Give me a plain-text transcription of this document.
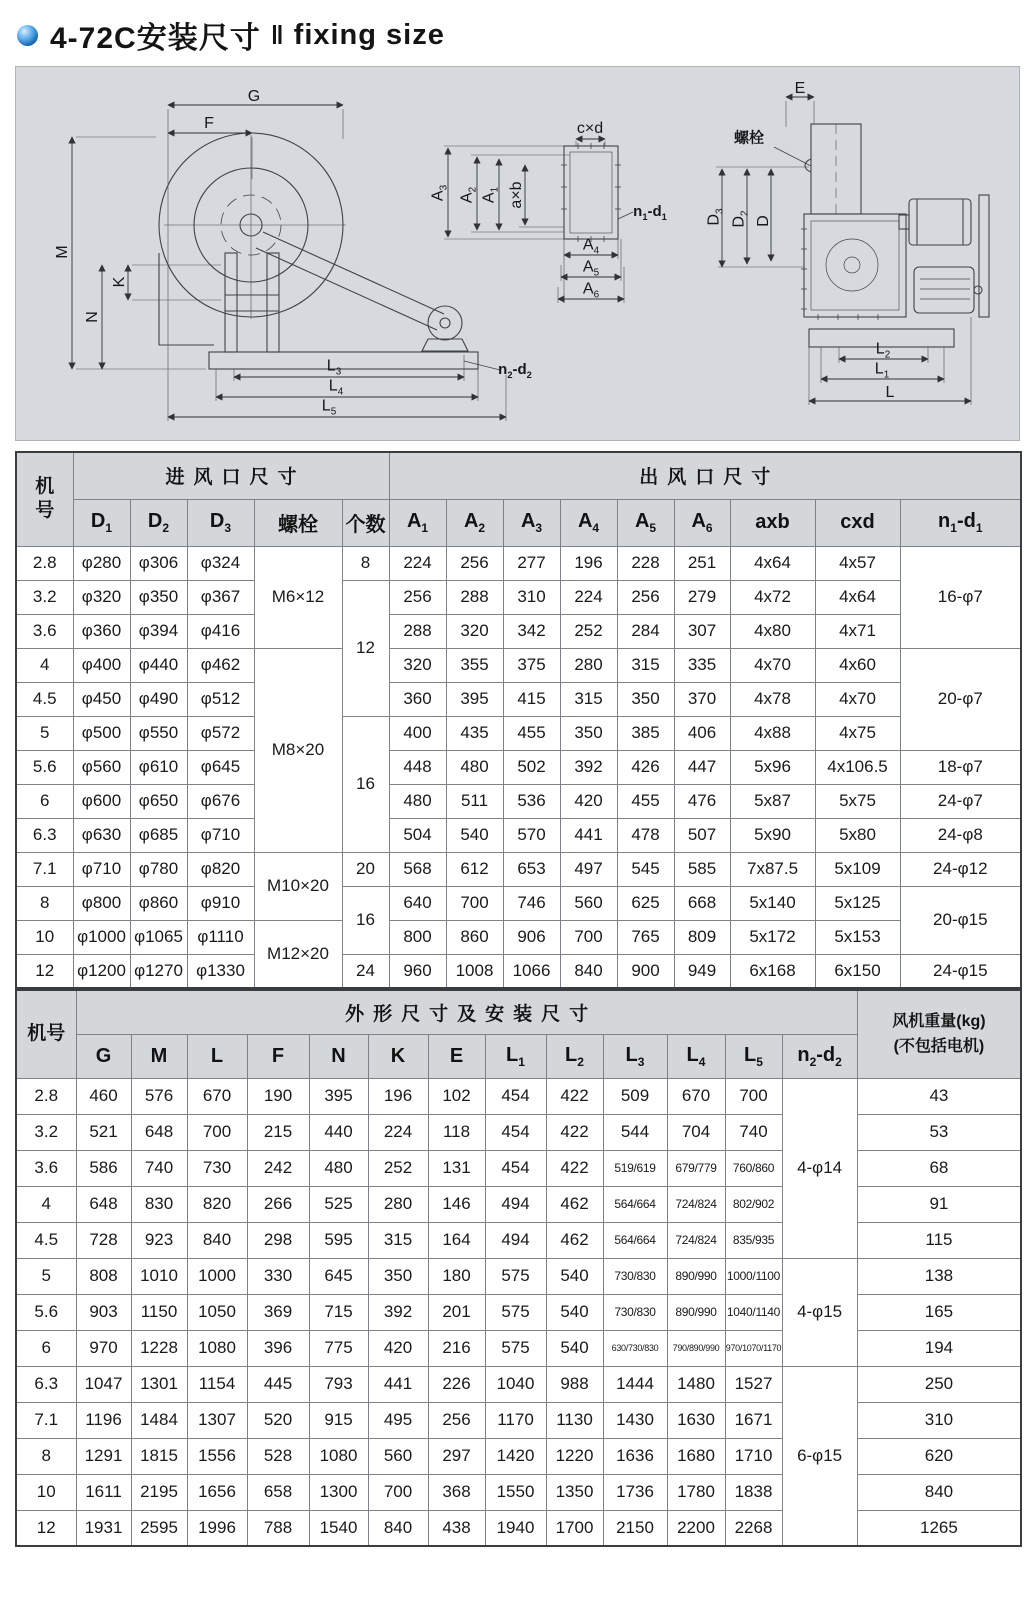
4-72C安装尺寸 ‖ fixing size
G
F
M
K
N
$L_3$
$L_4$
$L_5$
$n_2-d_2$
c×d
$A_3$
$A_2$
$A_1$ a×b
$n_1-d_1$
$A_4$
$A_5$
$A_6$
E
螺栓
$D_3$
$D_2$
D
$L_2$
$L_1$
L
机
号	进风口尺寸					出风口尺寸								
	$D_1$	$D_2$	$D_3$	螺栓	个数	$A_1$	$A_2$	$A_3$	$A_4$	$A_5$	$A_6$	axb	cxd	$n_1-d_1$
2.8	φ280	φ306	φ324	M6×12	8	224	256	277	196	228	251	4x64	4x57	16-φ7
3.2	φ320	φ350	φ367		12	256	288	310	224	256	279	4x72	4x64	
3.6	φ360	φ394	φ416			288	320	342	252	284	307	4x80	4x71	
4	φ400	φ440	φ462	M8×20		320	355	375	280	315	335	4x70	4x60	20-φ7
4.5	φ450	φ490	φ512			360	395	415	315	350	370	4x78	4x70	
5	φ500	φ550	φ572		16	400	435	455	350	385	406	4x88	4x75	
5.6	φ560	φ610	φ645			448	480	502	392	426	447	5x96	4x106.5	18-φ7
6	φ600	φ650	φ676			480	511	536	420	455	476	5x87	5x75	24-φ7
6.3	φ630	φ685	φ710			504	540	570	441	478	507	5x90	5x80	24-φ8
7.1	φ710	φ780	φ820	M10×20	20	568	612	653	497	545	585	7x87.5	5x109	24-φ12
8	φ800	φ860	φ910		16	640	700	746	560	625	668	5x140	5x125	20-φ15
10	φ1000	φ1065	φ1110	M12×20		800	860	906	700	765	809	5x172	5x153	
12	φ1200	φ1270	φ1330		24	960	1008	1066	840	900	949	6x168	6x150	24-φ15
机号	外形尺寸及安装尺寸													风机重量(kg)
(不包括电机)
	G	M	L	F	N	K	E	$L_1$	$L_2$	$L_3$	$L_4$	$L_5$	$n_2-d_2$
2.8	460	576	670	190	395	196	102	454	422	509	670	700	4-φ14	43
3.2	521	648	700	215	440	224	118	454	422	544	704	740		53
3.6	586	740	730	242	480	252	131	454	422	519/619	679/779	760/860		68
4	648	830	820	266	525	280	146	494	462	564/664	724/824	802/902		91
4.5	728	923	840	298	595	315	164	494	462	564/664	724/824	835/935		115
5	808	1010	1000	330	645	350	180	575	540	730/830	890/990	1000/1100	4-φ15	138
5.6	903	1150	1050	369	715	392	201	575	540	730/830	890/990	1040/1140		165
6	970	1228	1080	396	775	420	216	575	540	630/730/830	790/890/990	970/1070/1170		194
6.3	1047	1301	1154	445	793	441	226	1040	988	1444	1480	1527	6-φ15	250
7.1	1196	1484	1307	520	915	495	256	1170	1130	1430	1630	1671		310
8	1291	1815	1556	528	1080	560	297	1420	1220	1636	1680	1710		620
10	1611	2195	1656	658	1300	700	368	1550	1350	1736	1780	1838		840
12	1931	2595	1996	788	1540	840	438	1940	1700	2150	2200	2268		1265
